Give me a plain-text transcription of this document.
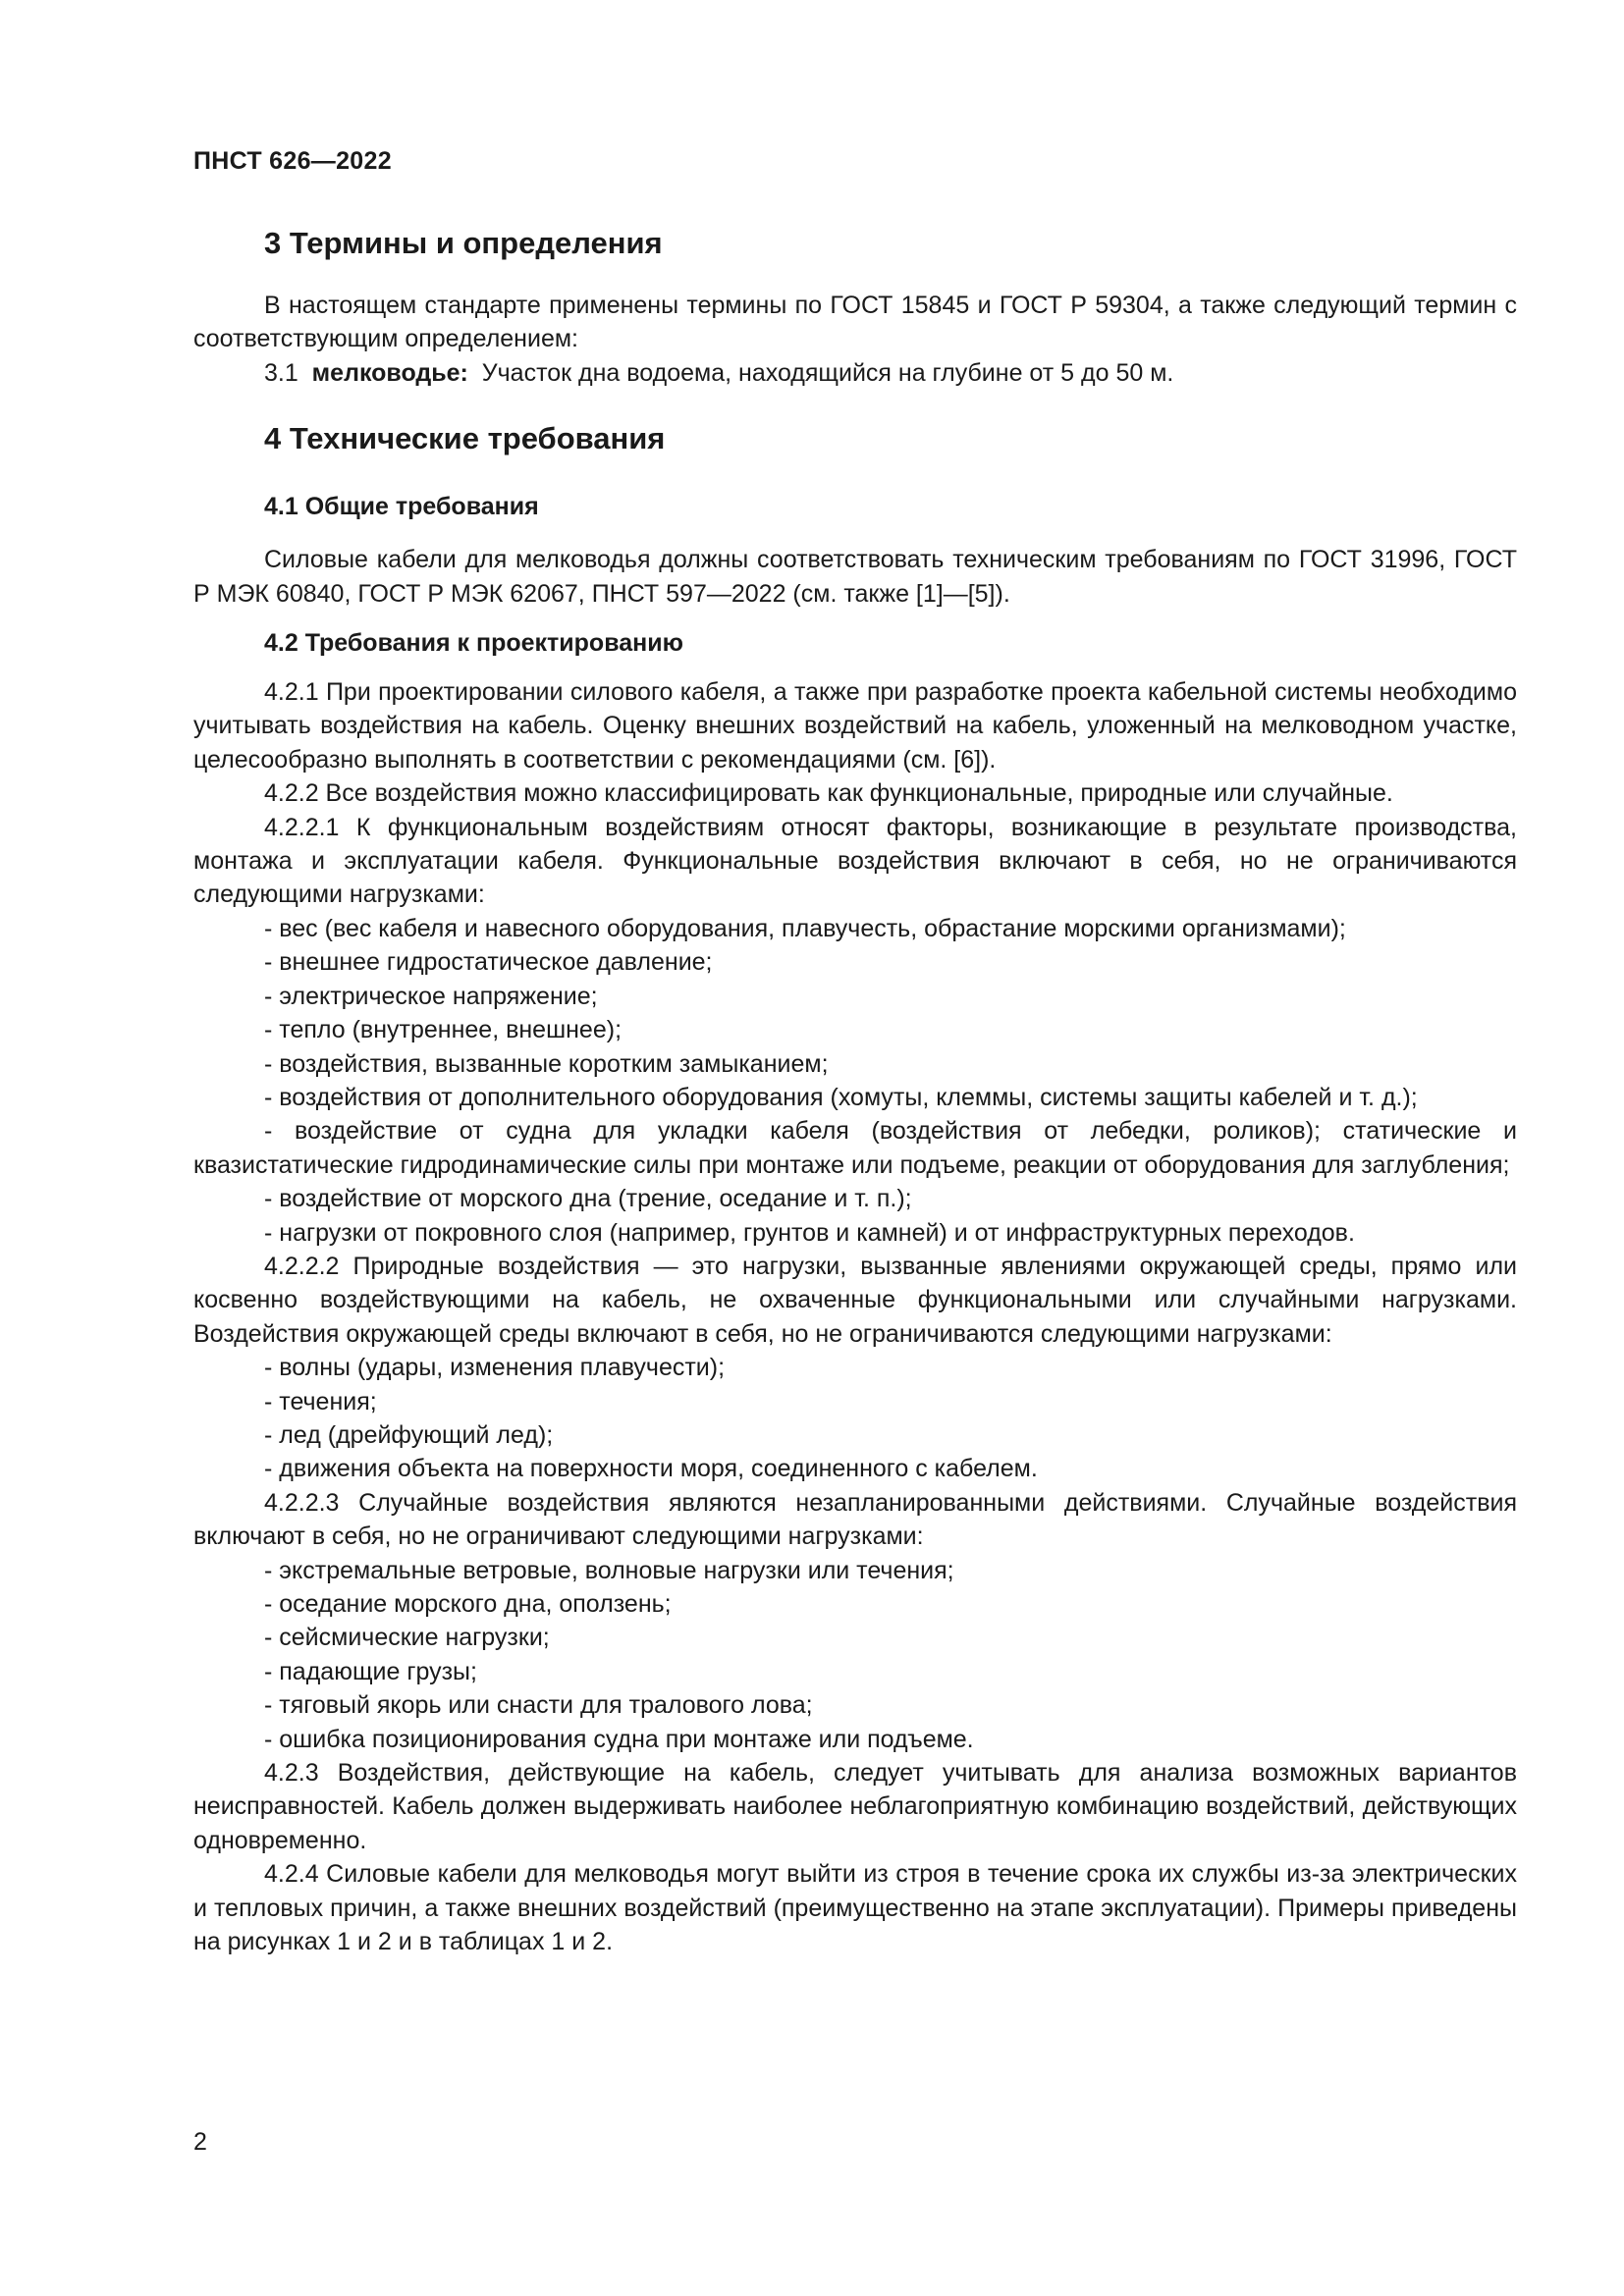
ПНСТ 626—2022
3 Термины и определения

В настоящем стандарте применены термины по ГОСТ 15845 и ГОСТ Р 59304, а также следующий термин с соответствующим определением:

3.1 мелководье: Участок дна водоема, находящийся на глубине от 5 до 50 м.

4 Технические требования
4.1 Общие требования

Силовые кабели для мелководья должны соответствовать техническим требованиям по ГОСТ 31996, ГОСТ Р МЭК 60840, ГОСТ Р МЭК 62067, ПНСТ 597—2022 (см. также [1]—[5]).

4.2 Требования к проектированию

4.2.1 При проектировании силового кабеля, а также при разработке проекта кабельной системы необходимо учитывать воздействия на кабель. Оценку внешних воздействий на кабель, уложенный на мелководном участке, целесообразно выполнять в соответствии с рекомендациями (см. [6]).

4.2.2 Все воздействия можно классифицировать как функциональные, природные или случайные.

4.2.2.1 К функциональным воздействиям относят факторы, возникающие в результате производства, монтажа и эксплуатации кабеля. Функциональные воздействия включают в себя, но не ограничиваются следующими нагрузками:

- вес (вес кабеля и навесного оборудования, плавучесть, обрастание морскими организмами);

- внешнее гидростатическое давление;

- электрическое напряжение;

- тепло (внутреннее, внешнее);

- воздействия, вызванные коротким замыканием;

- воздействия от дополнительного оборудования (хомуты, клеммы, системы защиты кабелей и т. д.);

- воздействие от судна для укладки кабеля (воздействия от лебедки, роликов); статические и квазистатические гидродинамические силы при монтаже или подъеме, реакции от оборудования для заглубления;

- воздействие от морского дна (трение, оседание и т. п.);

- нагрузки от покровного слоя (например, грунтов и камней) и от инфраструктурных переходов.

4.2.2.2 Природные воздействия — это нагрузки, вызванные явлениями окружающей среды, прямо или косвенно воздействующими на кабель, не охваченные функциональными или случайными нагрузками. Воздействия окружающей среды включают в себя, но не ограничиваются следующими нагрузками:

- волны (удары, изменения плавучести);

- течения;

- лед (дрейфующий лед);

- движения объекта на поверхности моря, соединенного с кабелем.

4.2.2.3 Случайные воздействия являются незапланированными действиями. Случайные воздействия включают в себя, но не ограничивают следующими нагрузками:

- экстремальные ветровые, волновые нагрузки или течения;

- оседание морского дна, оползень;

- сейсмические нагрузки;

- падающие грузы;

- тяговый якорь или снасти для тралового лова;

- ошибка позиционирования судна при монтаже или подъеме.

4.2.3 Воздействия, действующие на кабель, следует учитывать для анализа возможных вариантов неисправностей. Кабель должен выдерживать наиболее неблагоприятную комбинацию воздействий, действующих одновременно.

4.2.4 Силовые кабели для мелководья могут выйти из строя в течение срока их службы из-за электрических и тепловых причин, а также внешних воздействий (преимущественно на этапе эксплуатации). Примеры приведены на рисунках 1 и 2 и в таблицах 1 и 2.

2
